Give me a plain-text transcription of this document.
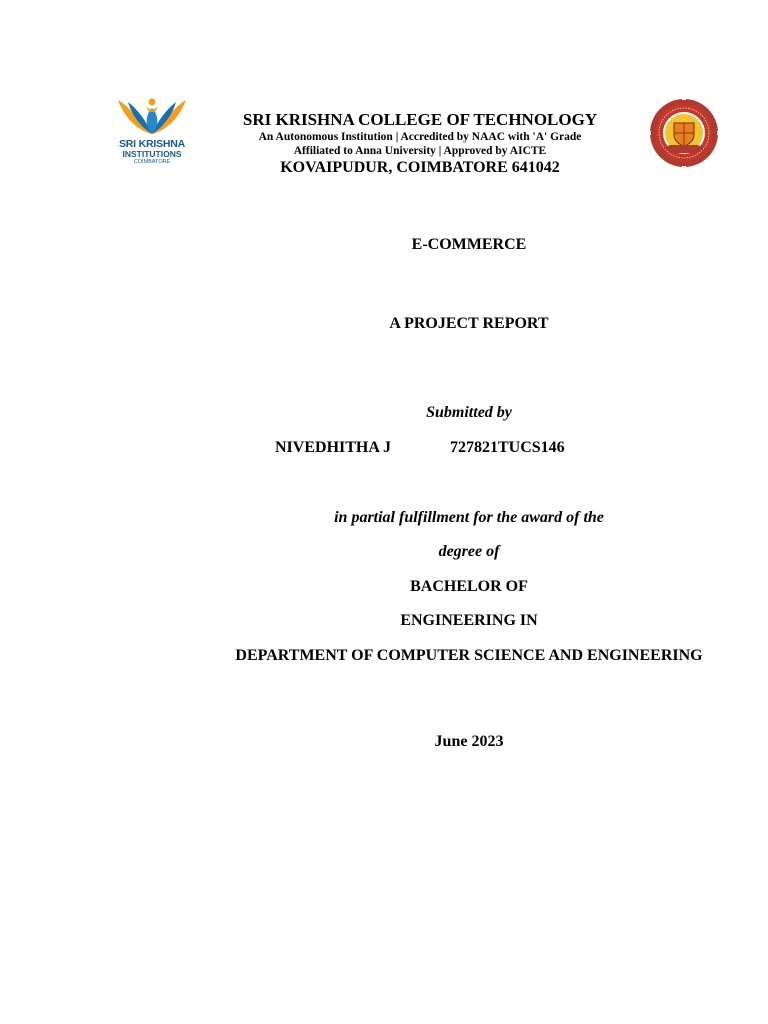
SRI KRISHNA
INSTITUTIONS
COIMBATORE
SRI KRISHNA COLLEGE OF TECHNOLOGY
An Autonomous Institution | Accredited by NAAC with 'A' Grade
Affiliated to Anna University | Approved by AICTE
KOVAIPUDUR, COIMBATORE 641042
E-COMMERCE
A PROJECT REPORT
Submitted by
NIVEDHITHA J	727821TUCS146
in partial fulfillment for the award of the
degree of
BACHELOR OF
ENGINEERING IN
DEPARTMENT OF COMPUTER SCIENCE AND ENGINEERING
June 2023
